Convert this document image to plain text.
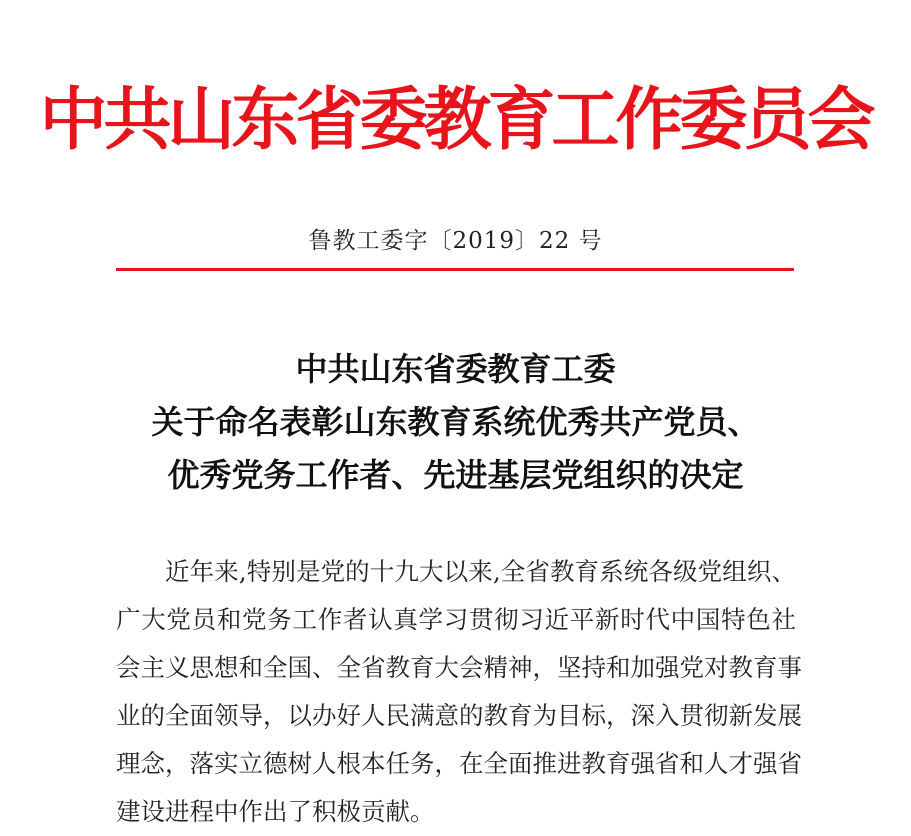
中共山东省委教育工作委员会
鲁教工委字〔2019〕22 号
中共山东省委教育工委
关于命名表彰山东教育系统优秀共产党员、
优秀党务工作者、先进基层党组织的决定
近年来,特别是党的十九大以来,全省教育系统各级党组织、
广大党员和党务工作者认真学习贯彻习近平新时代中国特色社
会主义思想和全国、全省教育大会精神，坚持和加强党对教育事
业的全面领导，以办好人民满意的教育为目标，深入贯彻新发展
理念，落实立德树人根本任务，在全面推进教育强省和人才强省
建设进程中作出了积极贡献。
